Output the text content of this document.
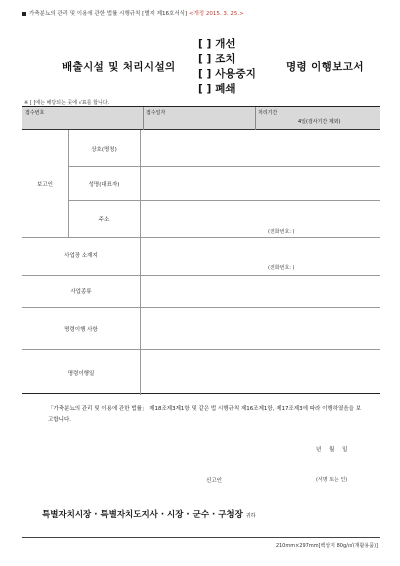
가축분뇨의 관리 및 이용에 관한 법률 시행규칙 [별지 제16호서식] <개정 2015. 3. 25.>
배출시설 및 처리시설의
[ ] 개선
[ ] 조치
[ ] 사용중지
[ ] 폐쇄
명령 이행보고서
※ [ ]에는 해당되는 곳에 √표를 합니다.
접수번호	접수일자	처리기간
4일(검사기간 제외)
보고인
상호(명칭)
성명(대표자)
주소
(전화번호: )
사업장 소재지
(전화번호: )
사업종류
명령이행 사항
명령이행일
「가축분뇨의 관리 및 이용에 관한 법률」 제18조제3제1항 및 같은 법 시행규칙 제16조제1항, 제17조제3에 따라 이행하였음을 보고합니다.
년 월 일
신고인	(서명 또는 인)
특별자치시장 · 특별자치도지사 · 시장 · 군수 · 구청장 귀하
210mm×297mm[백상지 80g/㎡(재활용품)]
